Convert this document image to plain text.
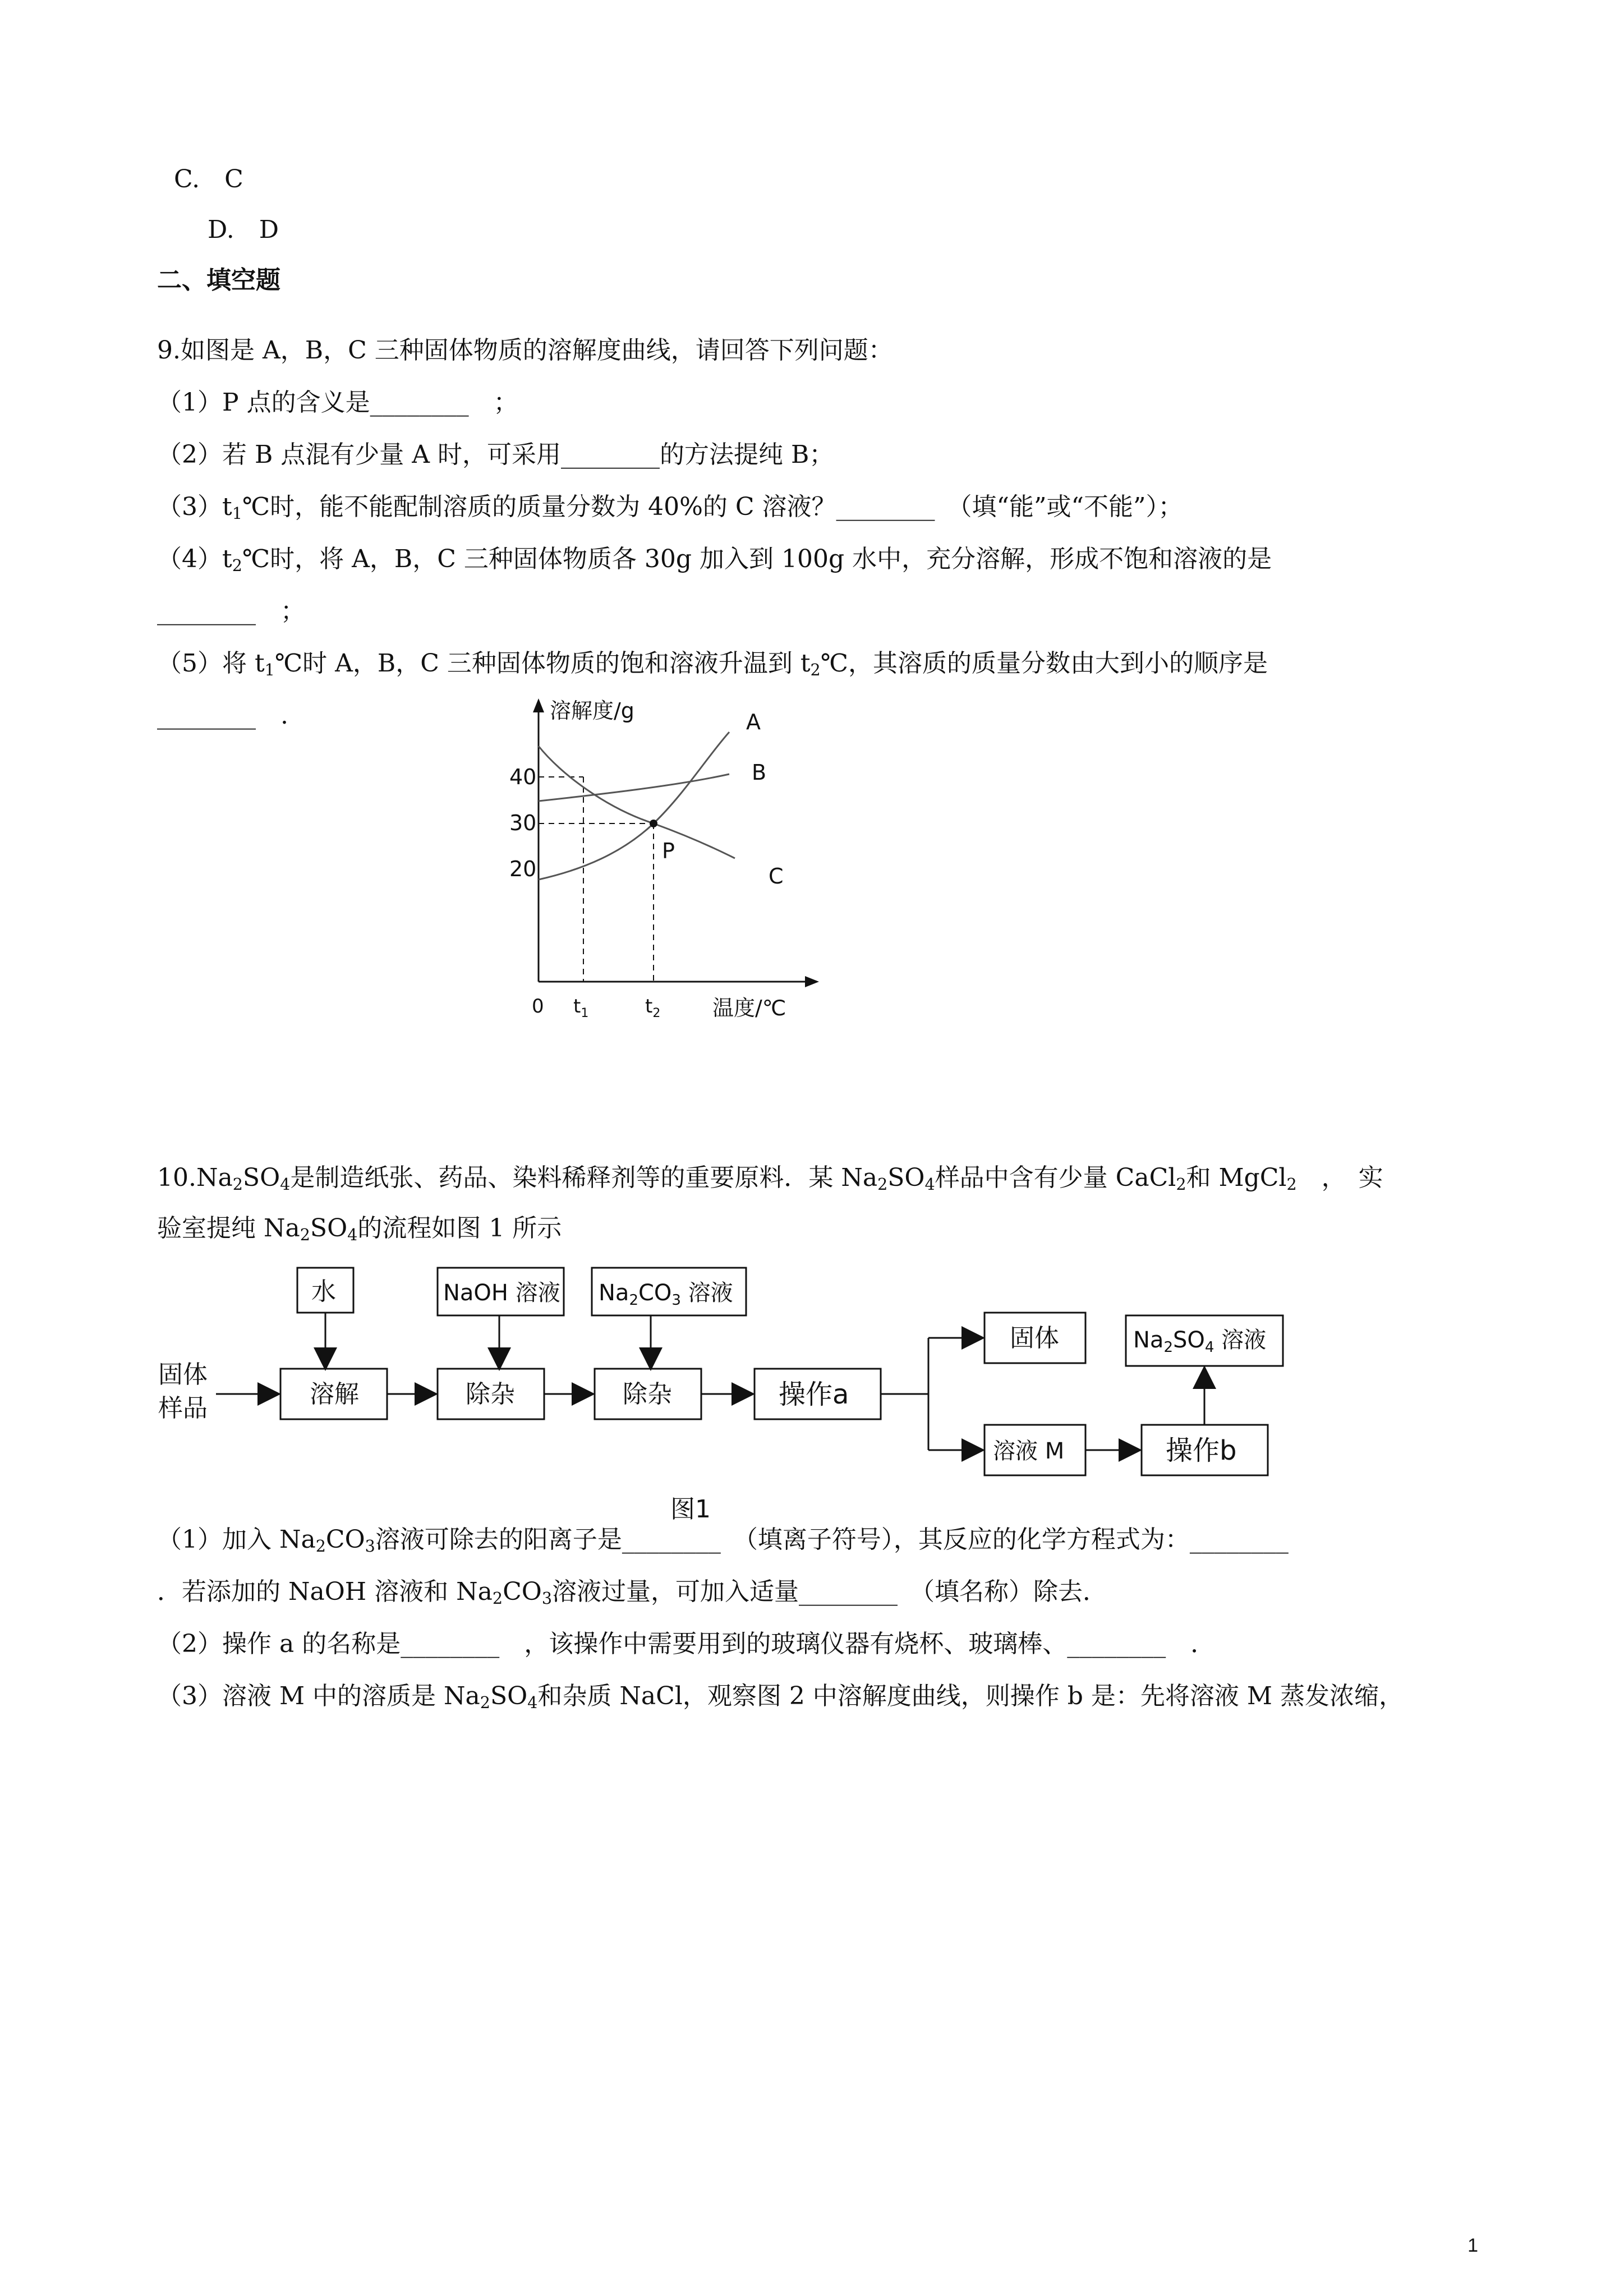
C.　C
D.　D
二、填空题
9.如图是 A，B，C 三种固体物质的溶解度曲线，请回答下列问题：
（1）P 点的含义是________　；
（2）若 B 点混有少量 A 时，可采用________的方法提纯 B；
$(3)t_1℃$时，能不能配制溶质的质量分数为 40%的 C 溶液？________　（填“能”或“不能”）；
$(4)t_2℃$时，将 A，B，C 三种固体物质各 30g 加入到 100g 水中，充分溶解，形成不饱和溶液的是
________　；
（5）将 $t_1℃$时 A，B，C 三种固体物质的饱和溶液升温到 $t_2℃$，其溶质的质量分数由大到小的顺序是
________　.	溶解度/g
温度/℃
40
30
20
0 $t_1$	$t_2$
A
B
C
P
$10.Na_2SO_4$是制造纸张、药品、染料稀释剂等的重要原料．某 $Na_2SO_4$样品中含有少量 CaCl$_2$和 MgCl$_2$　，　实
验室提纯 $Na_2SO_4$的流程如图 1 所示
固体
样品
水
溶解
NaOH 溶液
除杂
$Na_2CO_3$ 溶液
除杂	操作a
固体
溶液 M	操作b
$Na_2SO_4$ 溶液
图1
（1）加入 $Na_2CO_3$溶液可除去的阳离子是________　（填离子符号），其反应的化学方程式为：________
．若添加的 NaOH 溶液和 $Na_2CO_3$溶液过量，可加入适量________　（填名称）除去．
（2）操作 a 的名称是________　，该操作中需要用到的玻璃仪器有烧杯、玻璃棒、________　．
（3）溶液 M 中的溶质是 $Na_2SO_4$和杂质 NaCl，观察图 2 中溶解度曲线，则操作 b 是：先将溶液 M 蒸发浓缩，
1
